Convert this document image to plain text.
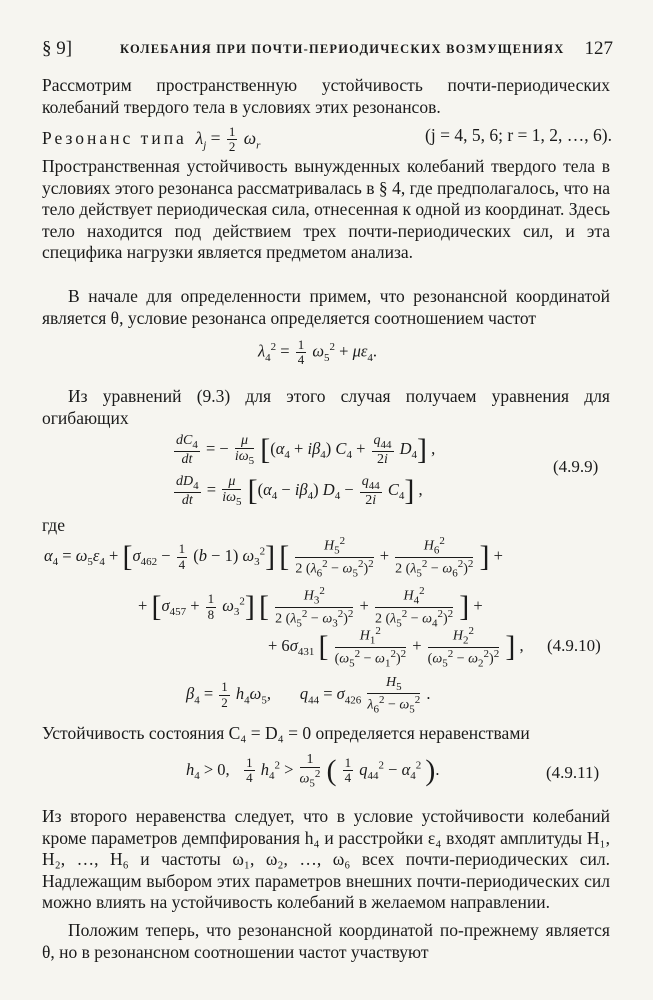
§ 9]	КОЛЕБАНИЯ ПРИ ПОЧТИ-ПЕРИОДИЧЕСКИХ ВОЗМУЩЕНИЯХ 127

Рассмотрим пространственную устойчивость почти-периодических колебаний твердого тела в условиях этих резонансов.

Резонанс типа $\lambda_j = \frac{1}{2} \omega_r$
(j = 4, 5, 6; r = 1, 2, …, 6).

Пространственная устойчивость вынужденных колебаний твердого тела в условиях этого резонанса рассматривалась в § 4, где предполагалось, что на тело действует периодическая сила, отнесенная к одной из координат. Здесь тело находится под действием трех почти-периодических сил, и эта специфика нагрузки является предметом анализа.

В начале для определенности примем, что резонансной координатой является θ, условие резонанса определяется соотношением частот

$\lambda_4^2 = \frac{1}{4} \omega_5^2 + \mu\varepsilon_4$.

Из уравнений (9.3) для этого случая получаем уравнения для огибающих

$\frac{dC_4}{dt}$ = − $\frac{\mu}{i\omega_5} [(\alpha_4 + i\beta_4) C_4 + \frac{q_{44}}{2i} D_4]$ ,
(4.9.9)
$\frac{dD_4}{dt} = \frac{\mu}{i\omega_5} [(\alpha_4 - i\beta_4) D_4 - \frac{q_{44}}{2i} C_4]$ ,
где
$\alpha_4 = \omega_5\varepsilon_4 + [\sigma_{462} - \frac{1}{4} (b - 1)$ $\omega_3^2$] [ $\frac{H_5^2}{2 (\lambda_6^2 - \omega_5^2)^2} + \frac{H_6^2}{2 (\lambda_5^2 - \omega_6^2)^2}$ ] +
+ $[\sigma_{457} + \frac{1}{8} \omega_3^2]$ [ $\frac{H_3^2}{2 (\lambda_5^2 - \omega_3^2)^2} + \frac{H_4^2}{2 (\lambda_5^2 - \omega_4^2)^2}$ ] +
+ $6\sigma_{431}$ [ $\frac{H_1^2}{(\omega_5^2 - \omega_1^2)^2} + \frac{H_2^2}{(\omega_5^2 - \omega_2^2)^2}$ ] , (4.9.10)
$\beta_4 = \frac{1}{2} h_4\omega_5$,       $q_{44} = \sigma_{426} \frac{H_5}{\lambda_6^2 - \omega_5^2}$ .

Устойчивость состояния C₄ = D₄ = 0 определяется неравенствами

$h_4 > 0$, $\frac{1}{4} h_4^2 > \frac{1}{\omega_5^2}$ ( $\frac{1}{4} q_{44}^2 - \alpha_4^2$ ).	(4.9.11)

Из второго неравенства следует, что в условие устойчивости колебаний кроме параметров демпфирования h₄ и расстройки ε₄ входят амплитуды H₁, H₂, …, H₆ и частоты ω₁, ω₂, …, ω₆ всех почти-периодических сил. Надлежащим выбором этих параметров внешних почти-периодических сил можно влиять на устойчивость колебаний в желаемом направлении.

Положим теперь, что резонансной координатой по-прежнему является θ, но в резонансном соотношении частот участвуют
